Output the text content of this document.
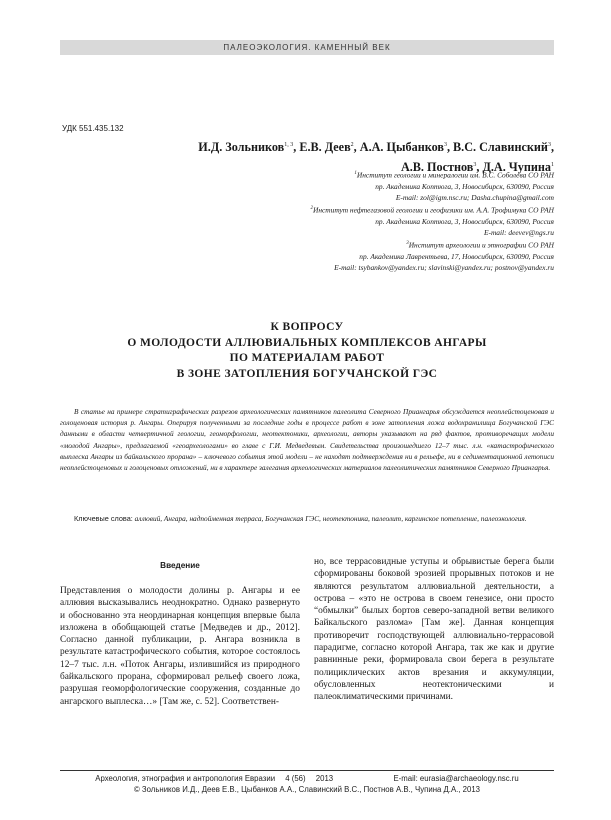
ПАЛЕОЭКОЛОГИЯ. КАМЕННЫЙ ВЕК
УДК 551.435.132
И.Д. Зольников$^{1, 3}$, Е.В. Деев$^2$, А.А. Цыбанков$^3$, В.С. Славинский$^3$,
А.В. Постнов$^3$, Д.А. Чупина$^1$
$^1$Институт геологии и минералогии им. В.С. Соболева СО РАН
пр. Академика Коптюга, 3, Новосибирск, 630090, Россия
E-mail: zol@igm.nsc.ru; Dasha.chupina@gmail.com
$^2$Институт нефтегазовой геологии и геофизики им. А.А. Трофимука СО РАН
пр. Академика Коптюга, 3, Новосибирск, 630090, Россия
E-mail: deevev@ngs.ru
$^3$Институт археологии и этнографии СО РАН
пр. Академика Лаврентьева, 17, Новосибирск, 630090, Россия
E-mail: tsybankov@yandex.ru; slavinski@yandex.ru; postnov@yandex.ru
К ВОПРОСУ
О МОЛОДОСТИ АЛЛЮВИАЛЬНЫХ КОМПЛЕКСОВ АНГАРЫ
ПО МАТЕРИАЛАМ РАБОТ
В ЗОНЕ ЗАТОПЛЕНИЯ БОГУЧАНСКОЙ ГЭС
В статье на примере стратиграфических разрезов археологических памятников палеолита Северного Приангарья обсуждается неоплейстоценовая и голоценовая история р. Ангары. Оперируя полученными за последние годы в процессе работ в зоне затопления ложа водохранилища Богучанской ГЭС данными в области четвертичной геологии, геоморфологии, неотектоники, археологии, авторы указывают на ряд фактов, противоречащих модели «молодой Ангары», предлагаемой «геоархеологами» во главе с Г.И. Медведевым. Свидетельства произошедшего 12–7 тыс. л.н. «катастрофического выплеска Ангары из байкальского прорана» – ключевого события этой модели – не находят подтверждения ни в рельефе, ни в седиментационной летописи неоплейстоценовых и голоценовых отложений, ни в характере залегания археологических материалов палеолитических памятников Северного Приангарья.
Ключевые слова: аллювий, Ангара, надпойменная терраса, Богучанская ГЭС, неотектоника, палеолит, каргинское потепление, палеоэкология.
Введение

Представления о молодости долины р. Ангары и ее аллювия высказывались неоднократно. Однако развернуто и обоснованно эта неординарная концепция впервые была изложена в обобщающей статье [Медведев и др., 2012]. Согласно данной публикации, р. Ангара возникла в результате катастрофического события, которое состоялось 12–7 тыс. л.н. «Поток Ангары, излившийся из природного байкальского прорана, сформировал рельеф своего ложа, разрушая геоморфологические сооружения, созданные до ангарского выплеска…» [Там же, с. 52]. Соответствен-

но, все террасовидные уступы и обрывистые берега были сформированы боковой эрозией прорывных потоков и не являются результатом аллювиальной деятельности, а острова – «это не острова в своем генезисе, они просто “обмылки” былых бортов северо-западной ветви великого Байкальского разлома» [Там же]. Данная концепция противоречит господствующей аллювиально-террасовой парадигме, согласно которой Ангара, так же как и другие равнинные реки, формировала свои берега в результате полициклических актов врезания и аккумуляции, обусловленных неотектоническими и палеоклиматическими причинами.

Археология, этнография и антропология Евразии 4 (56) 2013	E-mail: eurasia@archaeology.nsc.ru
© Зольников И.Д., Деев Е.В., Цыбанков А.А., Славинский В.С., Постнов А.В., Чупина Д.А., 2013
